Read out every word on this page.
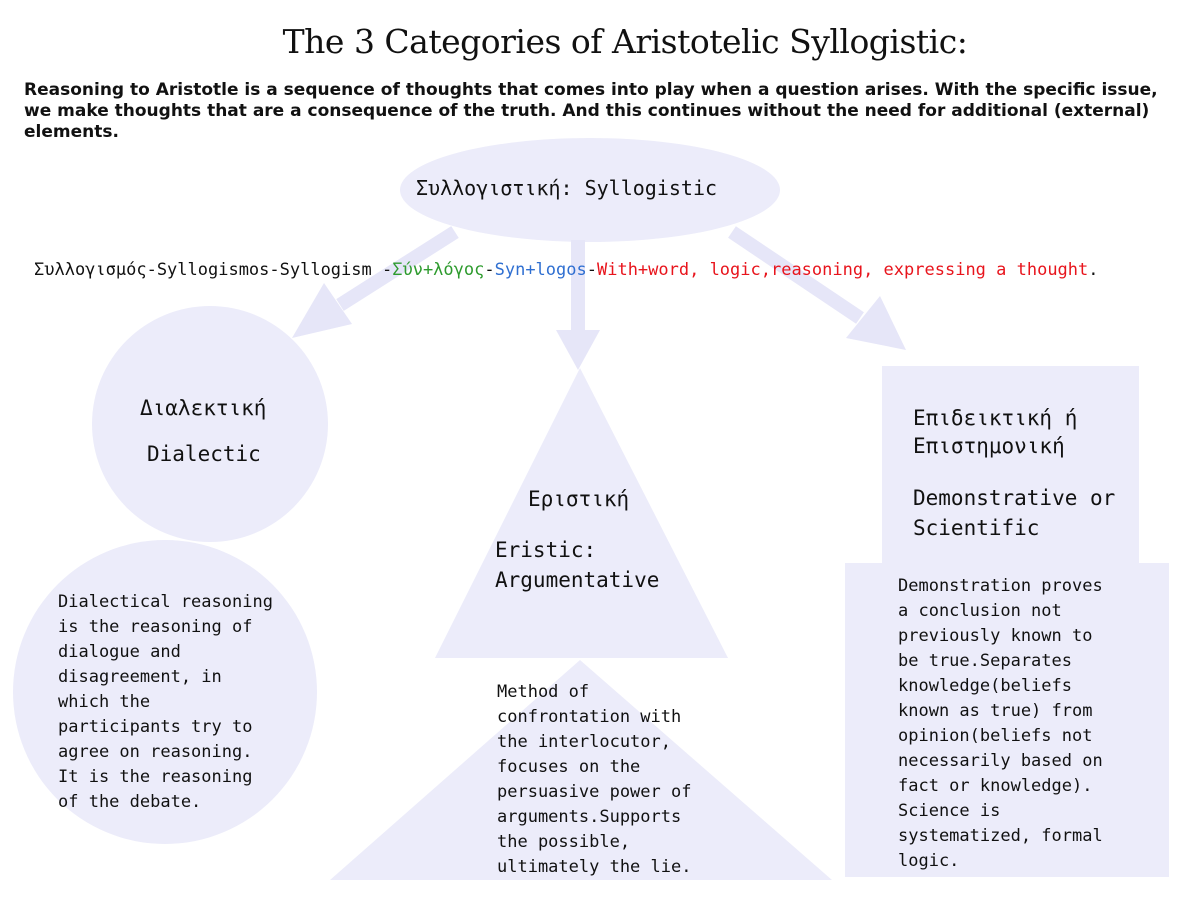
The 3 Categories of Aristotelic Syllogistic:
Reasoning to Aristotle is a sequence of thoughts that comes into play when a question arises. With the specific issue, we make thoughts that are a consequence of the truth. And this continues without the need for additional (external) elements.
Συλλογιστική: Syllogistic
Συλλογισμός-Syllogismos-Syllogism -Σύν+λόγος-Syn+logos-With+word, logic,reasoning, expressing a thought.
Διαλεκτική
Dialectic
Dialectical reasoning
is the reasoning of
dialogue and
disagreement, in
which the
participants try to
agree on reasoning.
It is the reasoning
of the debate.
Εριστική
Eristic:
Argumentative
Method of
confrontation with
the interlocutor,
focuses on the
persuasive power of
arguments.Supports
the possible,
ultimately the lie.
Επιδεικτική ή
Επιστημονική
Demonstrative or
Scientific
Demonstration proves
a conclusion not
previously known to
be true.Separates
knowledge(beliefs
known as true) from
opinion(beliefs not
necessarily based on
fact or knowledge).
Science is
systematized, formal
logic.
